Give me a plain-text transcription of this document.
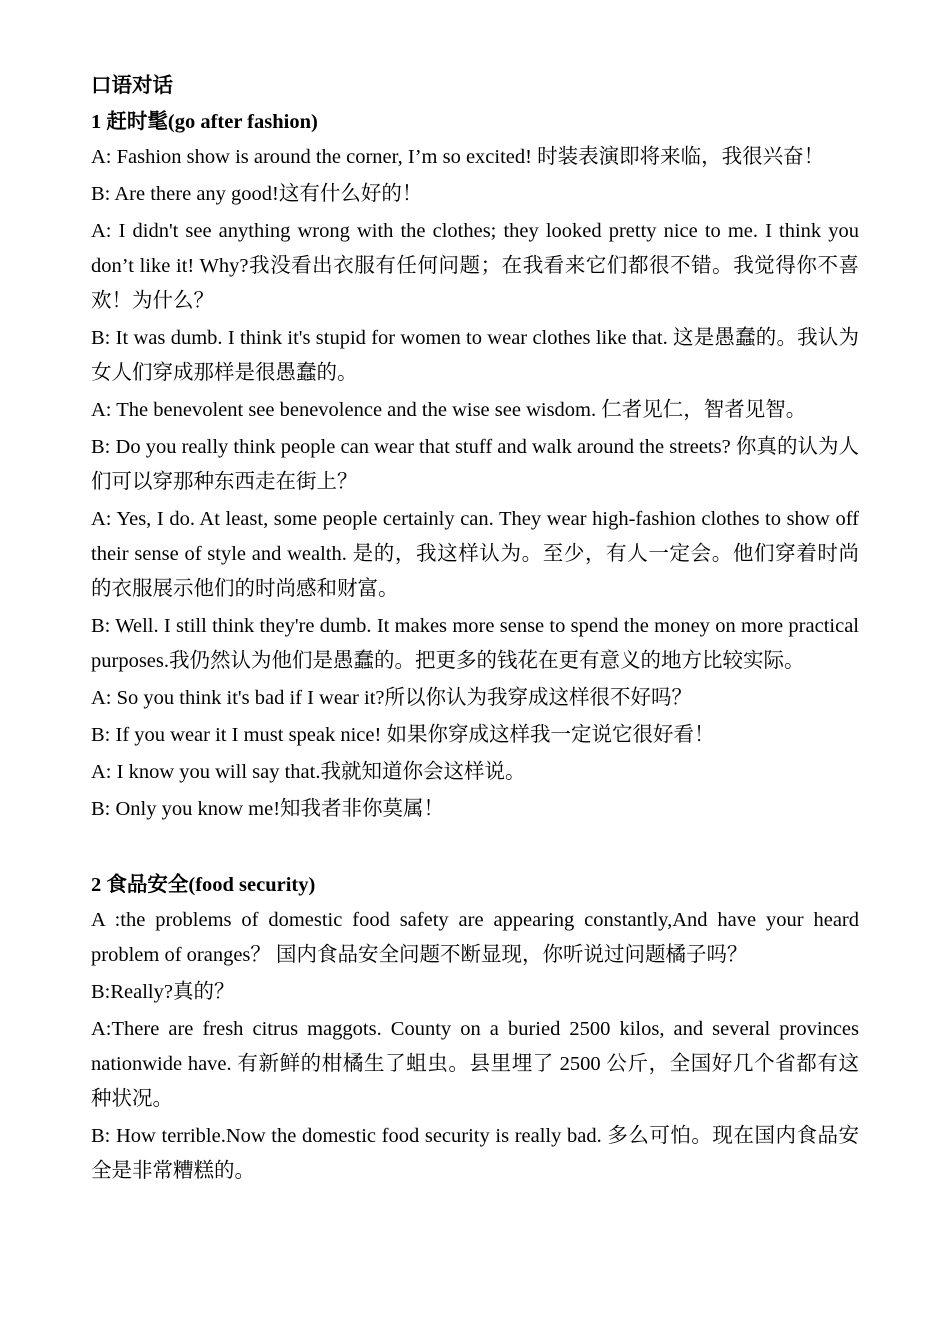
口语对话

1 赶时髦(go after fashion)

A: Fashion show is around the corner, I’m so excited! 时装表演即将来临，我很兴奋！

B: Are there any good!这有什么好的！

A: I didn't see anything wrong with the clothes; they looked pretty nice to me. I think you don’t like it! Why?我没看出衣服有任何问题；在我看来它们都很不错。我觉得你不喜欢！为什么？

B: It was dumb. I think it's stupid for women to wear clothes like that. 这是愚蠢的。我认为女人们穿成那样是很愚蠢的。

A: The benevolent see benevolence and the wise see wisdom. 仁者见仁，智者见智。

B: Do you really think people can wear that stuff and walk around the streets? 你真的认为人们可以穿那种东西走在街上？

A: Yes, I do. At least, some people certainly can. They wear high-fashion clothes to show off their sense of style and wealth. 是的，我这样认为。至少，有人一定会。他们穿着时尚的衣服展示他们的时尚感和财富。

B: Well. I still think they're dumb. It makes more sense to spend the money on more practical purposes.我仍然认为他们是愚蠢的。把更多的钱花在更有意义的地方比较实际。

A: So you think it's bad if I wear it?所以你认为我穿成这样很不好吗？

B: If you wear it I must speak nice! 如果你穿成这样我一定说它很好看！

A: I know you will say that.我就知道你会这样说。

B: Only you know me!知我者非你莫属！

2 食品安全(food security)

A :the problems of domestic food safety are appearing constantly,And have your heard problem of oranges？ 国内食品安全问题不断显现，你听说过问题橘子吗？

B:Really?真的？

A:There are fresh citrus maggots. County on a buried 2500 kilos, and several provinces nationwide have. 有新鲜的柑橘生了蛆虫。县里埋了 2500 公斤，全国好几个省都有这种状况。

B: How terrible.Now the domestic food security is really bad. 多么可怕。现在国内食品安全是非常糟糕的。
